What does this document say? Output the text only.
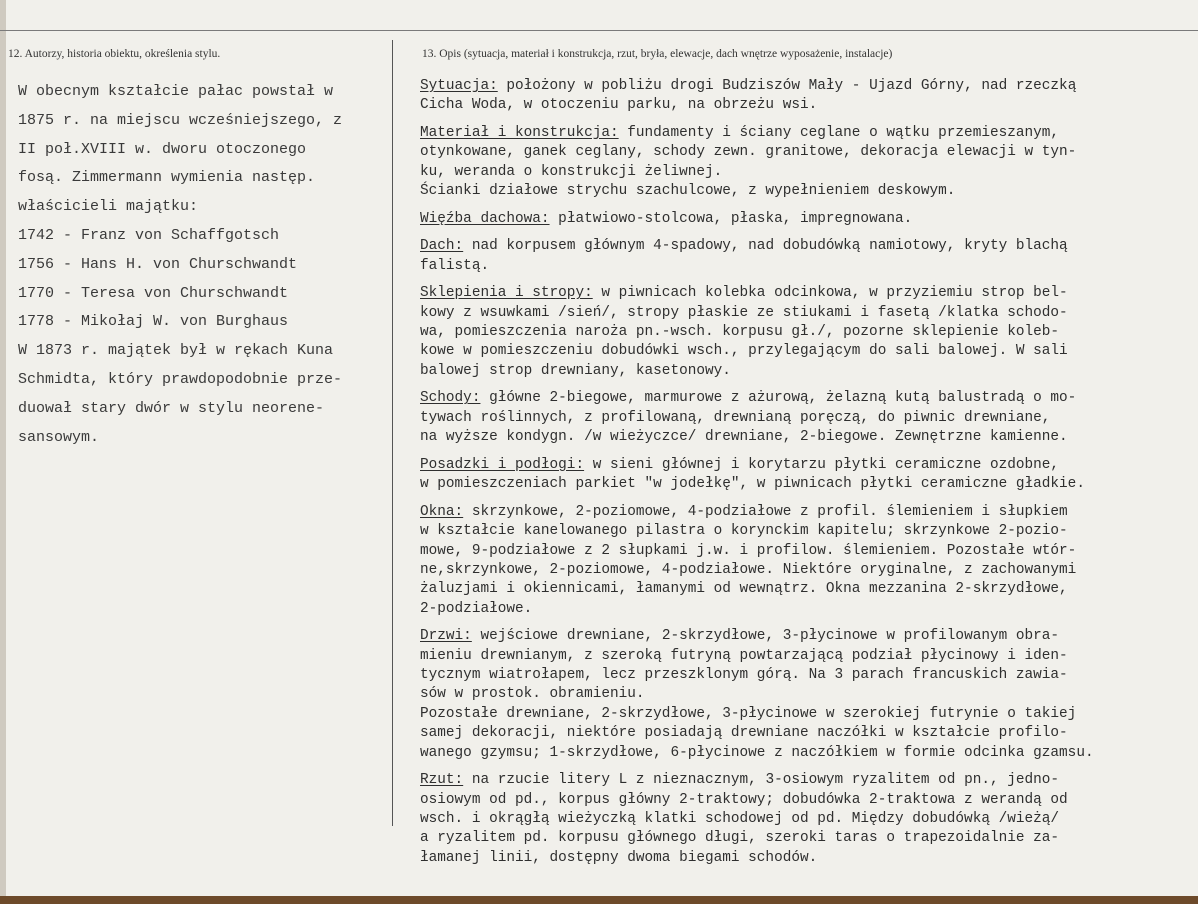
12. Autorzy, historia obiektu, określenia stylu.	13. Opis (sytuacja, materiał i konstrukcja, rzut, bryła, elewacje, dach wnętrze wyposażenie, instalacje)
W obecnym kształcie pałac powstał w
1875 r. na miejscu wcześniejszego, z
II poł.XVIII w. dworu otoczonego
fosą. Zimmermann wymienia następ.
właścicieli majątku:
1742 - Franz von Schaffgotsch
1756 - Hans H. von Churschwandt
1770 - Teresa von Churschwandt
1778 - Mikołaj W. von Burghaus
W 1873 r. majątek był w rękach Kuna
Schmidta, który prawdopodobnie prze-
duował stary dwór w stylu neorene-
sansowym.
Sytuacja: położony w pobliżu drogi Budziszów Mały - Ujazd Górny, nad rzeczką
Cicha Woda, w otoczeniu parku, na obrzeżu wsi.
Materiał i konstrukcja: fundamenty i ściany ceglane o wątku przemieszanym,
otynkowane, ganek ceglany, schody zewn. granitowe, dekoracja elewacji w tyn-
ku, weranda o konstrukcji żeliwnej.
Ścianki działowe strychu szachulcowe, z wypełnieniem deskowym.
Więźba dachowa: płatwiowo-stolcowa, płaska, impregnowana.
Dach: nad korpusem głównym 4-spadowy, nad dobudówką namiotowy, kryty blachą
falistą.
Sklepienia i stropy: w piwnicach kolebka odcinkowa, w przyziemiu strop bel-
kowy z wsuwkami /sień/, stropy płaskie ze stiukami i fasetą /klatka schodo-
wa, pomieszczenia naroża pn.-wsch. korpusu gł./, pozorne sklepienie koleb-
kowe w pomieszczeniu dobudówki wsch., przylegającym do sali balowej. W sali
balowej strop drewniany, kasetonowy.
Schody: główne 2-biegowe, marmurowe z ażurową, żelazną kutą balustradą o mo-
tywach roślinnych, z profilowaną, drewnianą poręczą, do piwnic drewniane,
na wyższe kondygn. /w wieżyczce/ drewniane, 2-biegowe. Zewnętrzne kamienne.
Posadzki i podłogi: w sieni głównej i korytarzu płytki ceramiczne ozdobne,
w pomieszczeniach parkiet "w jodełkę", w piwnicach płytki ceramiczne gładkie.
Okna: skrzynkowe, 2-poziomowe, 4-podziałowe z profil. ślemieniem i słupkiem
w kształcie kanelowanego pilastra o korynckim kapitelu; skrzynkowe 2-pozio-
mowe, 9-podziałowe z 2 słupkami j.w. i profilow. ślemieniem. Pozostałe wtór-
ne,skrzynkowe, 2-poziomowe, 4-podziałowe. Niektóre oryginalne, z zachowanymi
żaluzjami i okiennicami, łamanymi od wewnątrz. Okna mezzanina 2-skrzydłowe,
2-podziałowe.
Drzwi: wejściowe drewniane, 2-skrzydłowe, 3-płycinowe w profilowanym obra-
mieniu drewnianym, z szeroką futryną powtarzającą podział płycinowy i iden-
tycznym wiatrołapem, lecz przeszklonym górą. Na 3 parach francuskich zawia-
sów w prostok. obramieniu.
Pozostałe drewniane, 2-skrzydłowe, 3-płycinowe w szerokiej futrynie o takiej
samej dekoracji, niektóre posiadają drewniane naczółki w kształcie profilo-
wanego gzymsu; 1-skrzydłowe, 6-płycinowe z naczółkiem w formie odcinka gzamsu.
Rzut: na rzucie litery L z nieznacznym, 3-osiowym ryzalitem od pn., jedno-
osiowym od pd., korpus główny 2-traktowy; dobudówka 2-traktowa z werandą od
wsch. i okrągłą wieżyczką klatki schodowej od pd. Między dobudówką /wieżą/
a ryzalitem pd. korpusu głównego długi, szeroki taras o trapezoidalnie za-
łamanej linii, dostępny dwoma biegami schodów.
